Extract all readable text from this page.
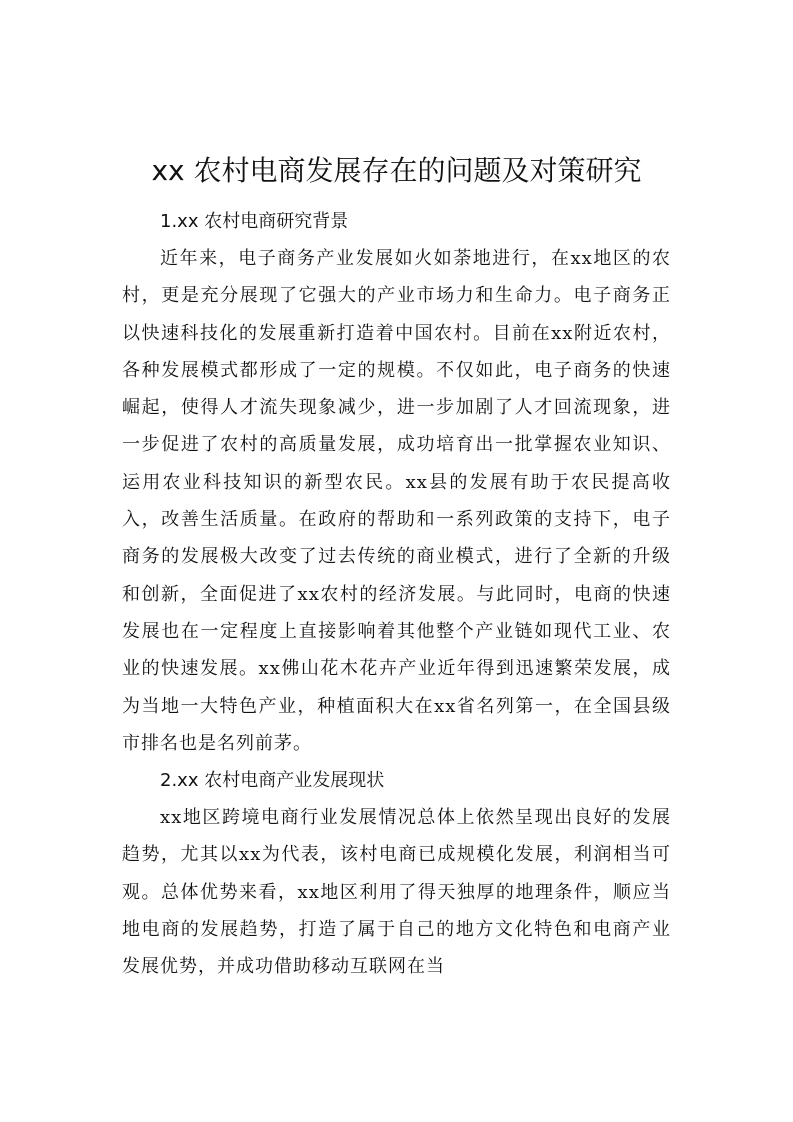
xx 农村电商发展存在的问题及对策研究
1.xx 农村电商研究背景

近年来，电子商务产业发展如火如荼地进行，在xx地区的农村，更是充分展现了它强大的产业市场力和生命力。电子商务正以快速科技化的发展重新打造着中国农村。目前在xx附近农村，各种发展模式都形成了一定的规模。不仅如此，电子商务的快速崛起，使得人才流失现象减少，进一步加剧了人才回流现象，进一步促进了农村的高质量发展，成功培育出一批掌握农业知识、运用农业科技知识的新型农民。xx县的发展有助于农民提高收入，改善生活质量。在政府的帮助和一系列政策的支持下，电子商务的发展极大改变了过去传统的商业模式，进行了全新的升级和创新，全面促进了xx农村的经济发展。与此同时，电商的快速发展也在一定程度上直接影响着其他整个产业链如现代工业、农业的快速发展。xx佛山花木花卉产业近年得到迅速繁荣发展，成为当地一大特色产业，种植面积大在xx省名列第一，在全国县级市排名也是名列前茅。

2.xx 农村电商产业发展现状

xx地区跨境电商行业发展情况总体上依然呈现出良好的发展趋势，尤其以xx为代表，该村电商已成规模化发展，利润相当可观。总体优势来看，xx地区利用了得天独厚的地理条件，顺应当地电商的发展趋势，打造了属于自己的地方文化特色和电商产业发展优势，并成功借助移动互联网在当
